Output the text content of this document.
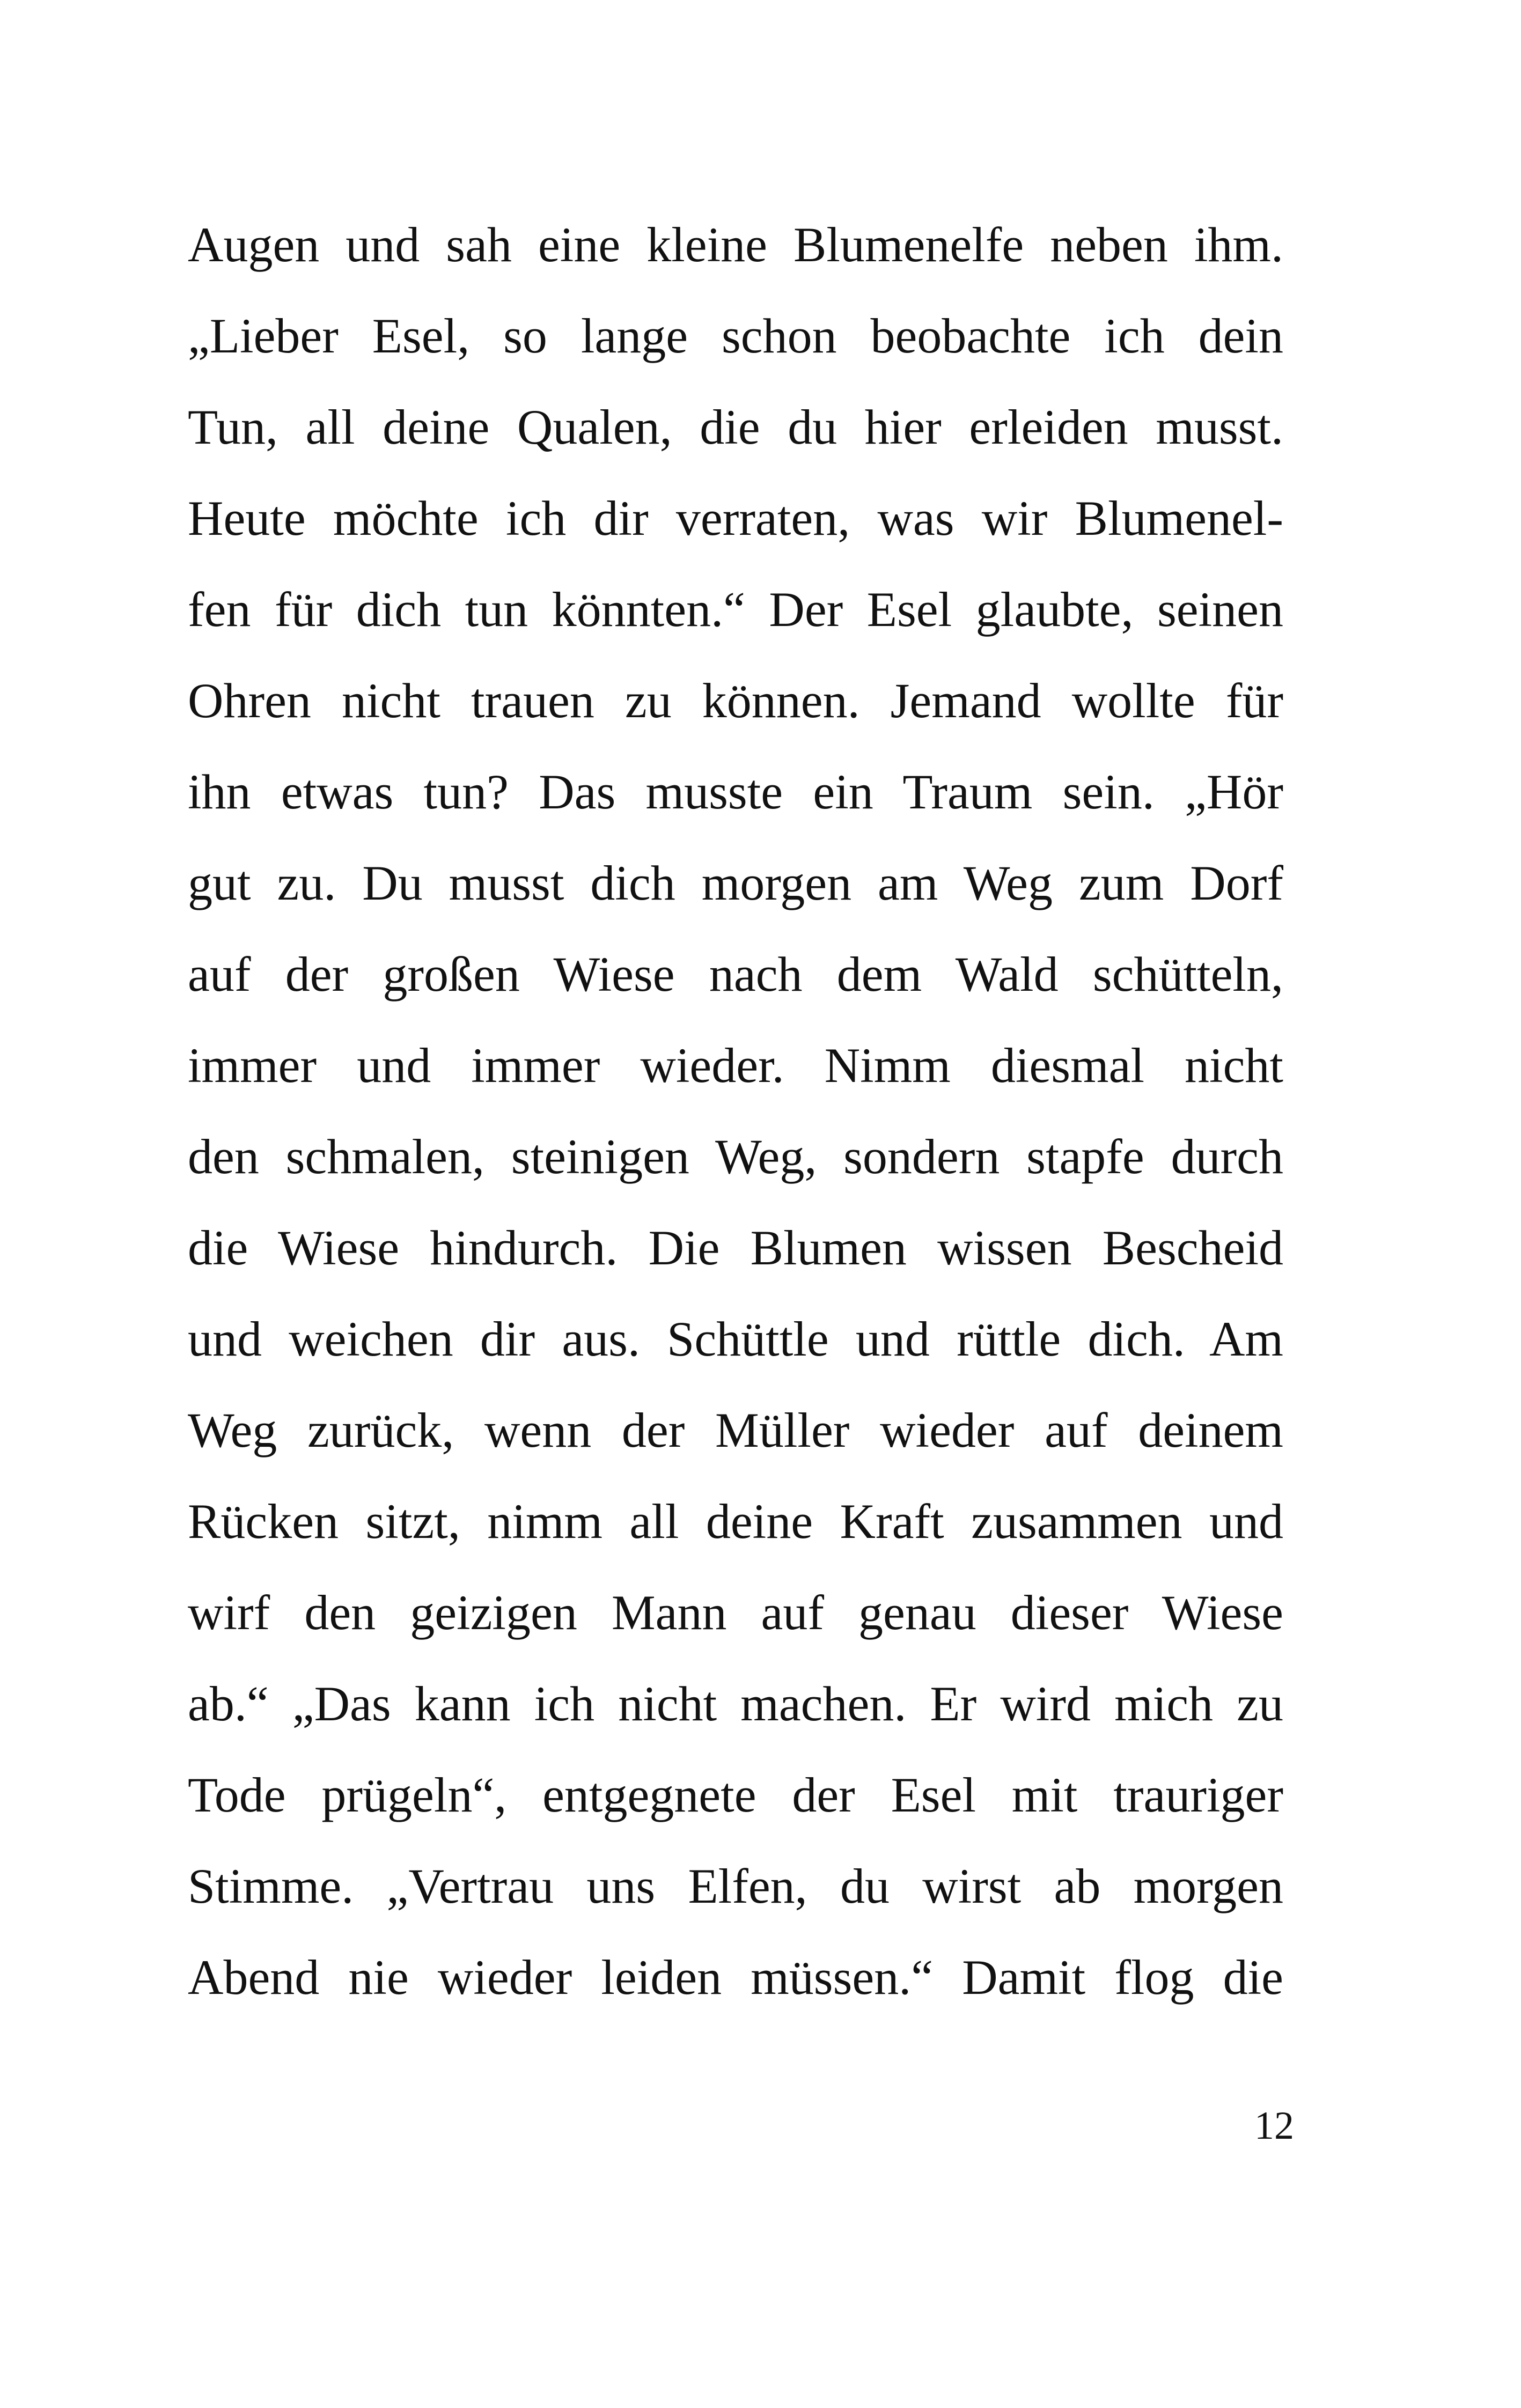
Augen und sah eine kleine Blumenelfe neben ihm.
„Lieber Esel, so lange schon beobachte ich dein
Tun, all deine Qualen, die du hier erleiden musst.
Heute möchte ich dir verraten, was wir Blumenel-
fen für dich tun könnten.“ Der Esel glaubte, seinen
Ohren nicht trauen zu können. Jemand wollte für
ihn etwas tun? Das musste ein Traum sein. „Hör
gut zu. Du musst dich morgen am Weg zum Dorf
auf der großen Wiese nach dem Wald schütteln,
immer und immer wieder. Nimm diesmal nicht
den schmalen, steinigen Weg, sondern stapfe durch
die Wiese hindurch. Die Blumen wissen Bescheid
und weichen dir aus. Schüttle und rüttle dich. Am
Weg zurück, wenn der Müller wieder auf deinem
Rücken sitzt, nimm all deine Kraft zusammen und
wirf den geizigen Mann auf genau dieser Wiese
ab.“ „Das kann ich nicht machen. Er wird mich zu
Tode prügeln“, entgegnete der Esel mit trauriger
Stimme. „Vertrau uns Elfen, du wirst ab morgen
Abend nie wieder leiden müssen.“ Damit flog die
12
